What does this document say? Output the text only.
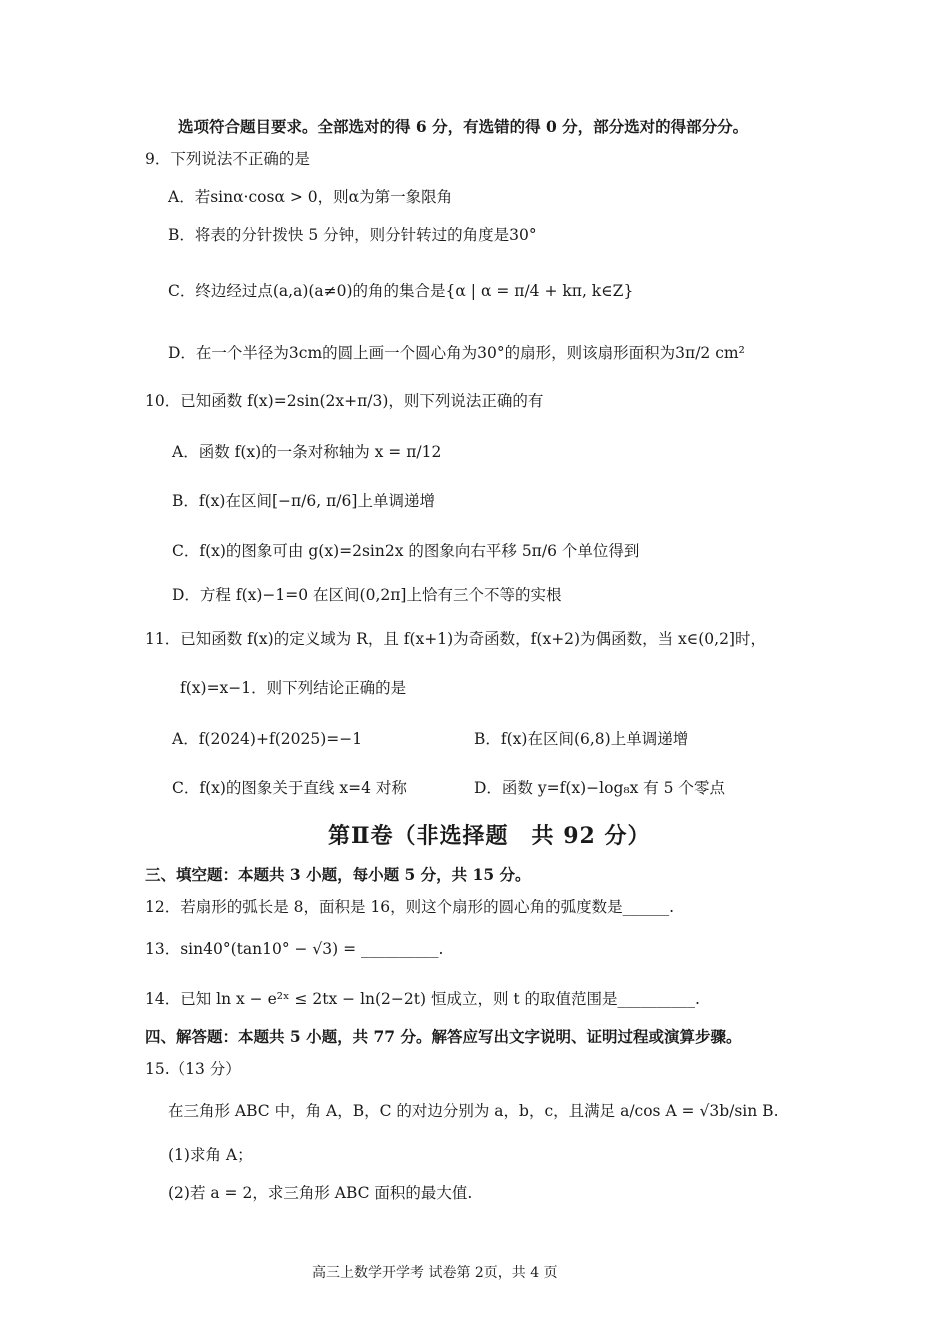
选项符合题目要求。全部选对的得 6 分，有选错的得 0 分，部分选对的得部分分。
9．下列说法不正确的是
A．若sinα·cosα > 0，则α为第一象限角
B．将表的分针拨快 5 分钟，则分针转过的角度是30°
C．终边经过点(a,a)(a≠0)的角的集合是{α | α = π/4 + kπ, k∈Z}
D．在一个半径为3cm的圆上画一个圆心角为30°的扇形，则该扇形面积为3π/2 cm²
10．已知函数 f(x)=2sin(2x+π/3)，则下列说法正确的有
A．函数 f(x)的一条对称轴为 x = π/12
B．f(x)在区间[−π/6, π/6]上单调递增
C．f(x)的图象可由 g(x)=2sin2x 的图象向右平移 5π/6 个单位得到
D．方程 f(x)−1=0 在区间(0,2π]上恰有三个不等的实根
11．已知函数 f(x)的定义域为 R，且 f(x+1)为奇函数，f(x+2)为偶函数，当 x∈(0,2]时，
f(x)=x−1．则下列结论正确的是
A．f(2024)+f(2025)=−1	B．f(x)在区间(6,8)上单调递增
C．f(x)的图象关于直线 x=4 对称	D．函数 y=f(x)−log₈x 有 5 个零点
第Ⅱ卷（非选择题　共 92 分）
三、填空题：本题共 3 小题，每小题 5 分，共 15 分。
12．若扇形的弧长是 8，面积是 16，则这个扇形的圆心角的弧度数是______.
13．sin40°(tan10° − √3) = __________.
14．已知 ln x − e²ˣ ≤ 2tx − ln(2−2t) 恒成立，则 t 的取值范围是__________.
四、解答题：本题共 5 小题，共 77 分。解答应写出文字说明、证明过程或演算步骤。
15.（13 分）
在三角形 ABC 中，角 A，B，C 的对边分别为 a，b，c，且满足 a/cos A = √3b/sin B.
(1)求角 A；
(2)若 a = 2，求三角形 ABC 面积的最大值.
高三上数学开学考 试卷第 2页，共 4 页
